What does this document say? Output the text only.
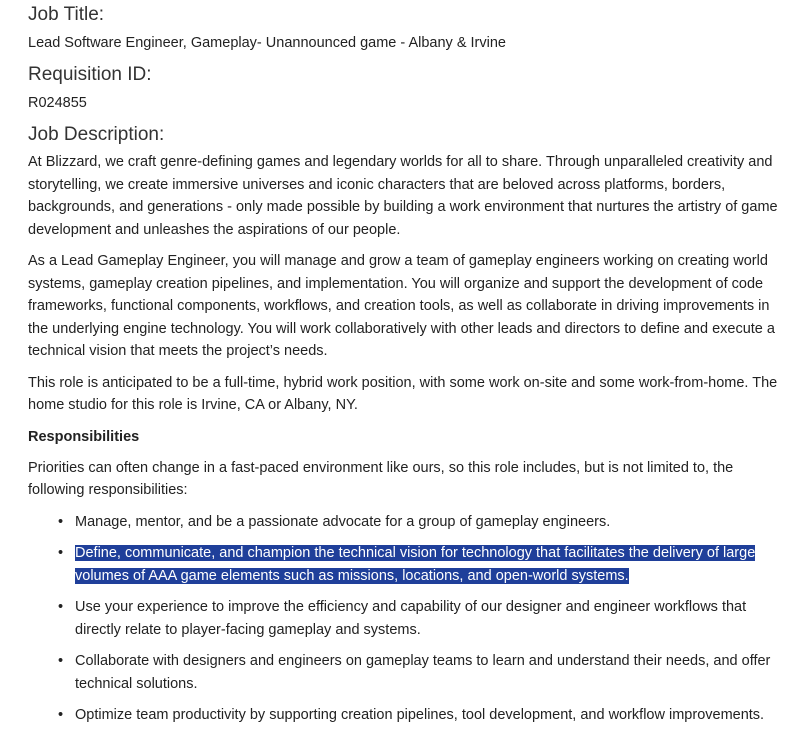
Job Title:
Lead Software Engineer, Gameplay- Unannounced game - Albany & Irvine
Requisition ID:
R024855
Job Description:

At Blizzard, we craft genre-defining games and legendary worlds for all to share. Through unparalleled creativity and storytelling, we create immersive universes and iconic characters that are beloved across platforms, borders, backgrounds, and generations - only made possible by building a work environment that nurtures the artistry of game development and unleashes the aspirations of our people.

As a Lead Gameplay Engineer, you will manage and grow a team of gameplay engineers working on creating world systems, gameplay creation pipelines, and implementation. You will organize and support the development of code frameworks, functional components, workflows, and creation tools, as well as collaborate in driving improvements in the underlying engine technology. You will work collaboratively with other leads and directors to define and execute a technical vision that meets the project’s needs.

This role is anticipated to be a full-time, hybrid work position, with some work on-site and some work-from-home. The home studio for this role is Irvine, CA or Albany, NY.

Responsibilities

Priorities can often change in a fast-paced environment like ours, so this role includes, but is not limited to, the following responsibilities:

• Manage, mentor, and be a passionate advocate for a group of gameplay engineers.
• Define, communicate, and champion the technical vision for technology that facilitates the delivery of large volumes of AAA game elements such as missions, locations, and open-world systems.
• Use your experience to improve the efficiency and capability of our designer and engineer workflows that directly relate to player-facing gameplay and systems.
• Collaborate with designers and engineers on gameplay teams to learn and understand their needs, and offer technical solutions.
• Optimize team productivity by supporting creation pipelines, tool development, and workflow improvements.
